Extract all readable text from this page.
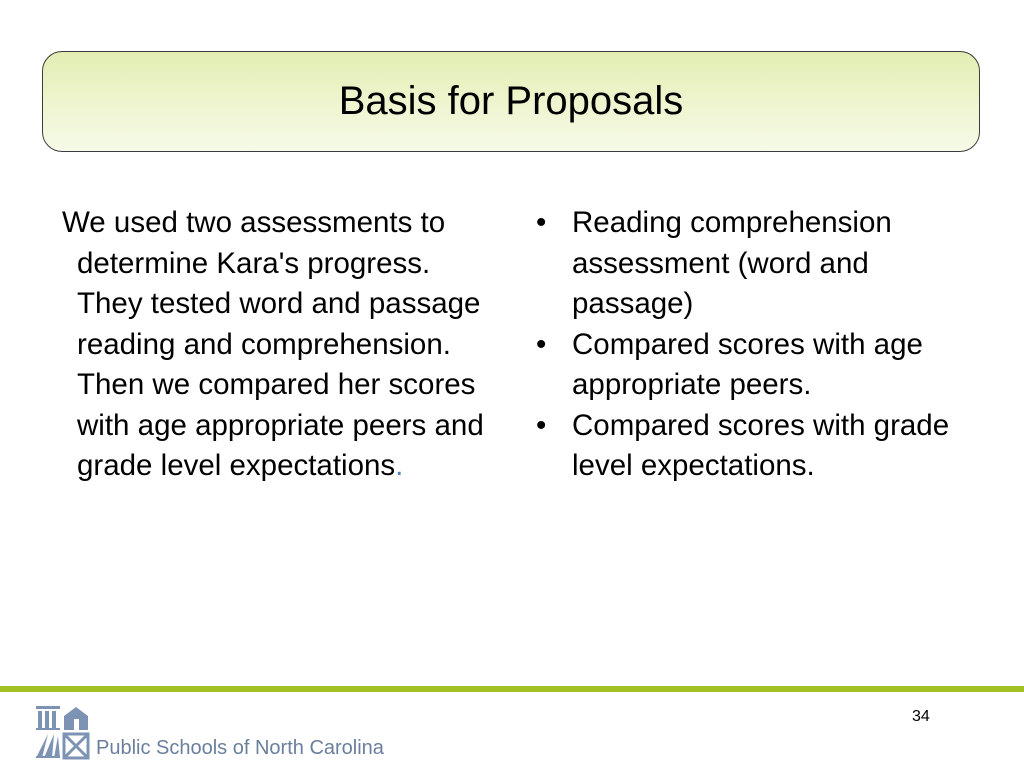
Basis for Proposals

We used two assessments to determine Kara's progress. They tested word and passage reading and comprehension. Then we compared her scores with age appropriate peers and grade level expectations.

• Reading comprehension assessment (word and passage)
• Compared scores with age appropriate peers.
• Compared scores with grade level expectations.
Public Schools of North Carolina
34
